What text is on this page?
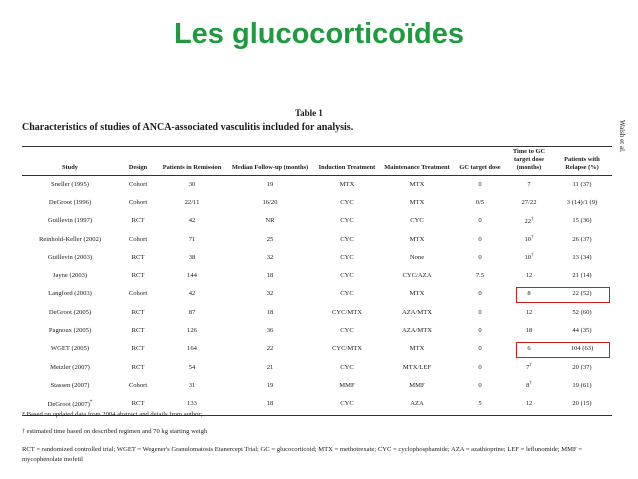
Les glucocorticoïdes
Table 1
Characteristics of studies of ANCA-associated vasculitis included for analysis.	Walsh et al.
Study	Design	Patients in Remission	Median Follow-up (months)	Induction Treatment	Maintenance Treatment	GC target dose	Time to GC target dose (months)	Patients with Relapse (%)
Sneller (1995)	Cohort	30	19	MTX	MTX	0	7	11 (37)
DeGroot (1996)	Cohort	22/11	16/20	CYC	MTX	0/5	27/22	3 (14)/1 (9)
Guillevin (1997)	RCT	42	NR	CYC	CYC	0	22†	15 (36)
Reinhold-Keller (2002)	Cohort	71	25	CYC	MTX	0	10†	26 (37)
Guillevin (2003)	RCT	38	32	CYC	None	0	10†	13 (34)
Jayne (2003)	RCT	144	18	CYC	CYC/AZA	7.5	12	21 (14)
Langford (2003)	Cohort	42	32	CYC	MTX	0	8	22 (52)
DeGroot (2005)	RCT	87	18	CYC/MTX	AZA/MTX	0	12	52 (60)
Pagnoux (2005)	RCT	126	36	CYC	AZA/MTX	0	18	44 (35)
WGET (2005)	RCT	164	22	CYC/MTX	MTX	0	6	104 (63)
Metzler (2007)	RCT	54	21	CYC	MTX/LEF	0	7†	20 (37)
Stassen (2007)	Cohort	31	19	MMF	MMF	0	8†	19 (61)
DeGroot (2007)*	RCT	133	18	CYC	AZA	5	12	20 (15)
* Based on updated data from 2004 abstract and details from author;
† estimated time based on described regimen and 70 kg starting weigh
RCT = randomized controlled trial; WGET = Wegener's Granulomatosis Etanercept Trial; GC = glucocorticoid; MTX = methotrexate; CYC = cyclophosphamide; AZA = azathioprine; LEF = leflunomide; MMF = mycophenolate mofetil
